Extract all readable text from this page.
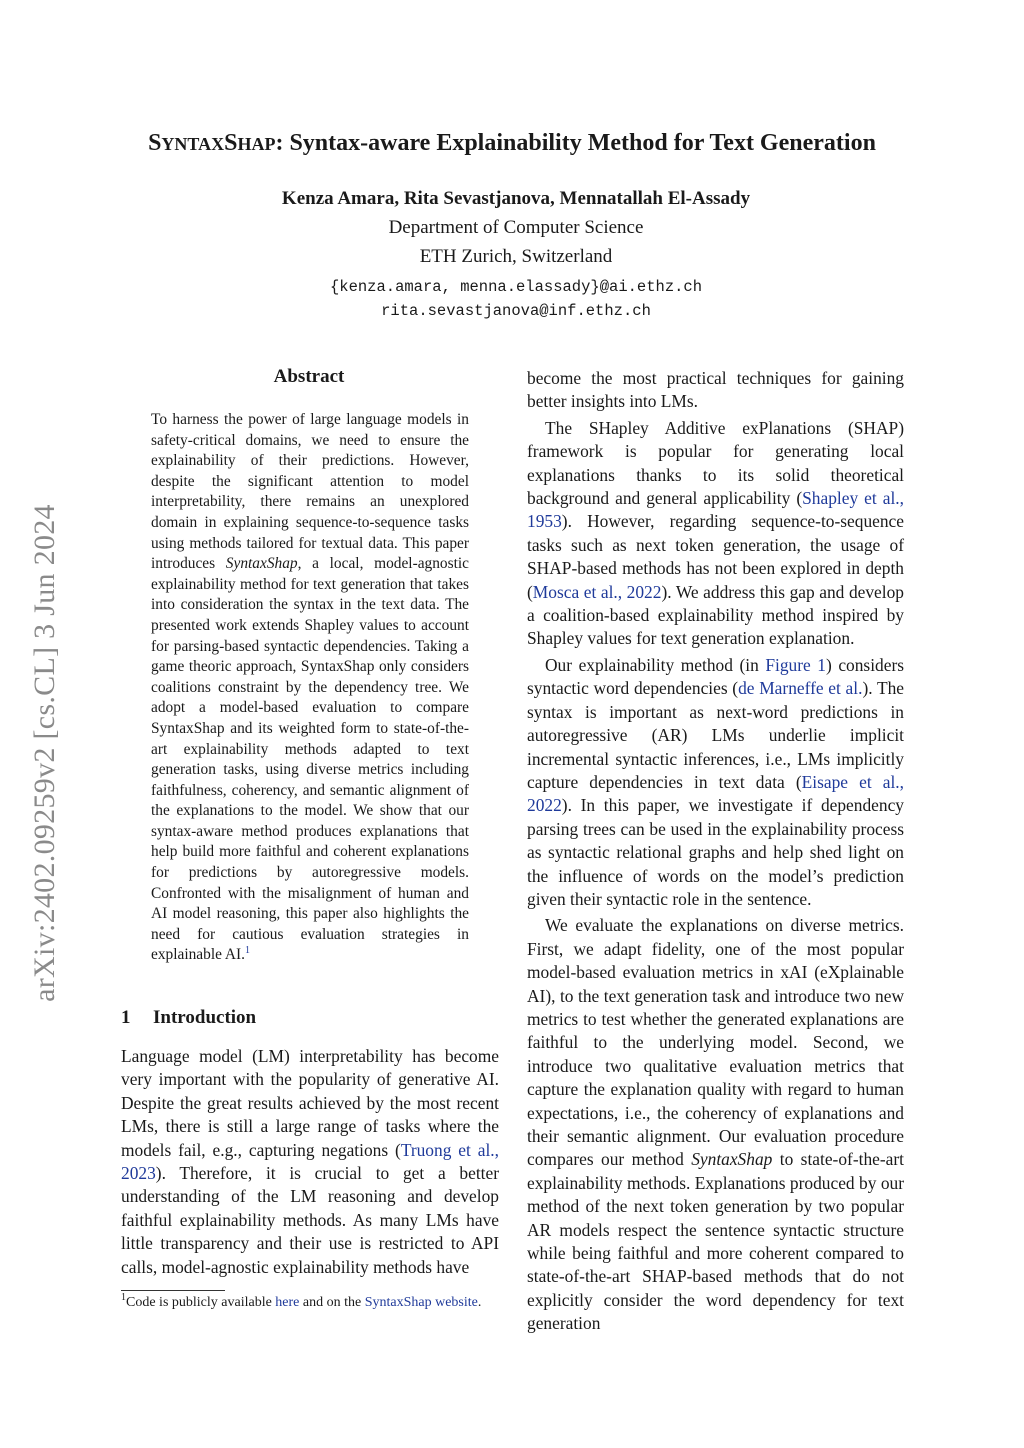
arXiv:2402.09259v2 [cs.CL] 3 Jun 2024
SYNTAXSHAP: Syntax-aware Explainability Method for Text Generation
Kenza Amara, Rita Sevastjanova, Mennatallah El-Assady
Department of Computer Science
ETH Zurich, Switzerland
{kenza.amara, menna.elassady}@ai.ethz.ch
rita.sevastjanova@inf.ethz.ch
Abstract
To harness the power of large language models in safety-critical domains, we need to ensure the explainability of their predictions. However, despite the significant attention to model interpretability, there remains an unexplored domain in explaining sequence-to-sequence tasks using methods tailored for textual data. This paper introduces SyntaxShap, a local, model-agnostic explainability method for text generation that takes into consideration the syntax in the text data. The presented work extends Shapley values to account for parsing-based syntactic dependencies. Taking a game theoric approach, SyntaxShap only considers coalitions constraint by the dependency tree. We adopt a model-based evaluation to compare SyntaxShap and its weighted form to state-of-the-art explainability methods adapted to text generation tasks, using diverse metrics including faithfulness, coherency, and semantic alignment of the explanations to the model. We show that our syntax-aware method produces explanations that help build more faithful and coherent explanations for predictions by autoregressive models. Confronted with the misalignment of human and AI model reasoning, this paper also highlights the need for cautious evaluation strategies in explainable AI.$^1$
1 Introduction
Language model (LM) interpretability has become very important with the popularity of generative AI. Despite the great results achieved by the most recent LMs, there is still a large range of tasks where the models fail, e.g., capturing negations (Truong et al., 2023). Therefore, it is crucial to get a better understanding of the LM reasoning and develop faithful explainability methods. As many LMs have little transparency and their use is restricted to API calls, model-agnostic explainability methods have
$^1$Code is publicly available here and on the SyntaxShap website.

become the most practical techniques for gaining better insights into LMs.

The SHapley Additive exPlanations (SHAP) framework is popular for generating local explanations thanks to its solid theoretical background and general applicability (Shapley et al., 1953). However, regarding sequence-to-sequence tasks such as next token generation, the usage of SHAP-based methods has not been explored in depth (Mosca et al., 2022). We address this gap and develop a coalition-based explainability method inspired by Shapley values for text generation explanation.

Our explainability method (in Figure 1) considers syntactic word dependencies (de Marneffe et al.). The syntax is important as next-word predictions in autoregressive (AR) LMs underlie implicit incremental syntactic inferences, i.e., LMs implicitly capture dependencies in text data (Eisape et al., 2022). In this paper, we investigate if dependency parsing trees can be used in the explainability process as syntactic relational graphs and help shed light on the influence of words on the model’s prediction given their syntactic role in the sentence.

We evaluate the explanations on diverse metrics. First, we adapt fidelity, one of the most popular model-based evaluation metrics in xAI (eXplainable AI), to the text generation task and introduce two new metrics to test whether the generated explanations are faithful to the underlying model. Second, we introduce two qualitative evaluation metrics that capture the explanation quality with regard to human expectations, i.e., the coherency of explanations and their semantic alignment. Our evaluation procedure compares our method SyntaxShap to state-of-the-art explainability methods. Explanations produced by our method of the next token generation by two popular AR models respect the sentence syntactic structure while being faithful and more coherent compared to state-of-the-art SHAP-based methods that do not explicitly consider the word dependency for text generation
